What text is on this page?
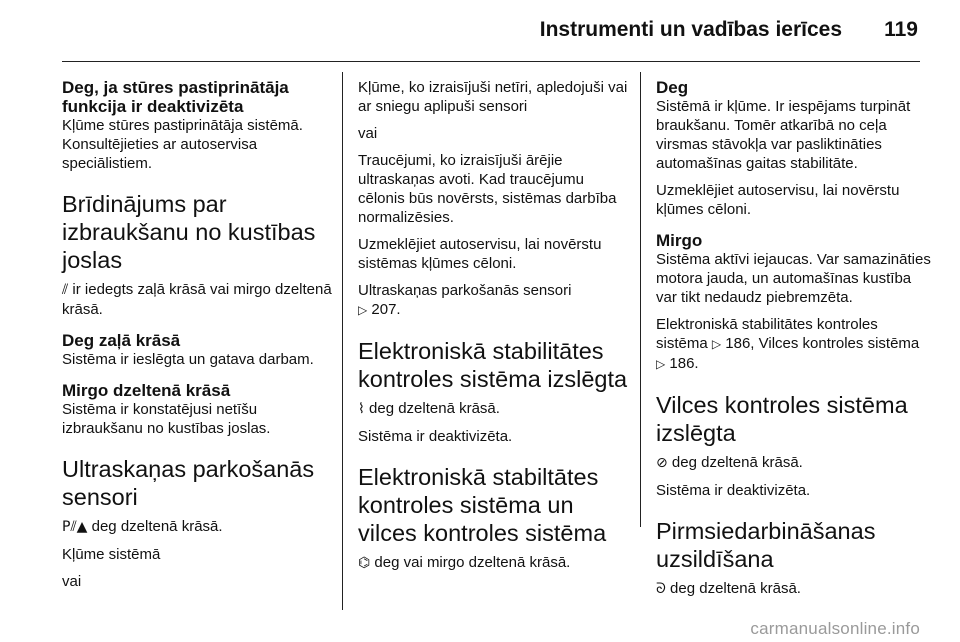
Instrumenti un vadības ierīces 119
Deg, ja stūres pastiprinātāja funkcija ir deaktivizēta

Kļūme stūres pastiprinātāja sistēmā. Konsultējieties ar autoservisa speciālistiem.

Brīdinājums par izbraukšanu no kustības joslas

⫽ ir iedegts zaļā krāsā vai mirgo dzeltenā krāsā.

Deg zaļā krāsā

Sistēma ir ieslēgta un gatava darbam.

Mirgo dzeltenā krāsā

Sistēma ir konstatējusi netīšu izbraukšanu no kustības joslas.

Ultraskaņas parkošanās sensori

P⫽▲ deg dzeltenā krāsā.

Kļūme sistēmā

vai

Kļūme, ko izraisījuši netīri, apledojuši vai ar sniegu aplipuši sensori

vai

Traucējumi, ko izraisījuši ārējie ultraskaņas avoti. Kad traucējumu cēlonis būs novērsts, sistēmas darbība normalizēsies.

Uzmeklējiet autoservisu, lai novērstu sistēmas kļūmes cēloni.

Ultraskaņas parkošanās sensori
▷ 207.

Elektroniskā stabilitātes kontroles sistēma izslēgta

⌇ deg dzeltenā krāsā.

Sistēma ir deaktivizēta.

Elektroniskā stabiltātes kontroles sistēma un vilces kontroles sistēma

⌬ deg vai mirgo dzeltenā krāsā.

Deg

Sistēmā ir kļūme. Ir iespējams turpināt braukšanu. Tomēr atkarībā no ceļa virsmas stāvokļa var pasliktināties automašīnas gaitas stabilitāte.

Uzmeklējiet autoservisu, lai novērstu kļūmes cēloni.

Mirgo

Sistēma aktīvi iejaucas. Var samazināties motora jauda, un automašīnas kustība var tikt nedaudz piebremzēta.

Elektroniskā stabilitātes kontroles sistēma ▷ 186, Vilces kontroles sistēma ▷ 186.

Vilces kontroles sistēma izslēgta

⊘ deg dzeltenā krāsā.

Sistēma ir deaktivizēta.

Pirmsiedarbināšanas uzsildīšana

ᘐ deg dzeltenā krāsā.

carmanualsonline.info
